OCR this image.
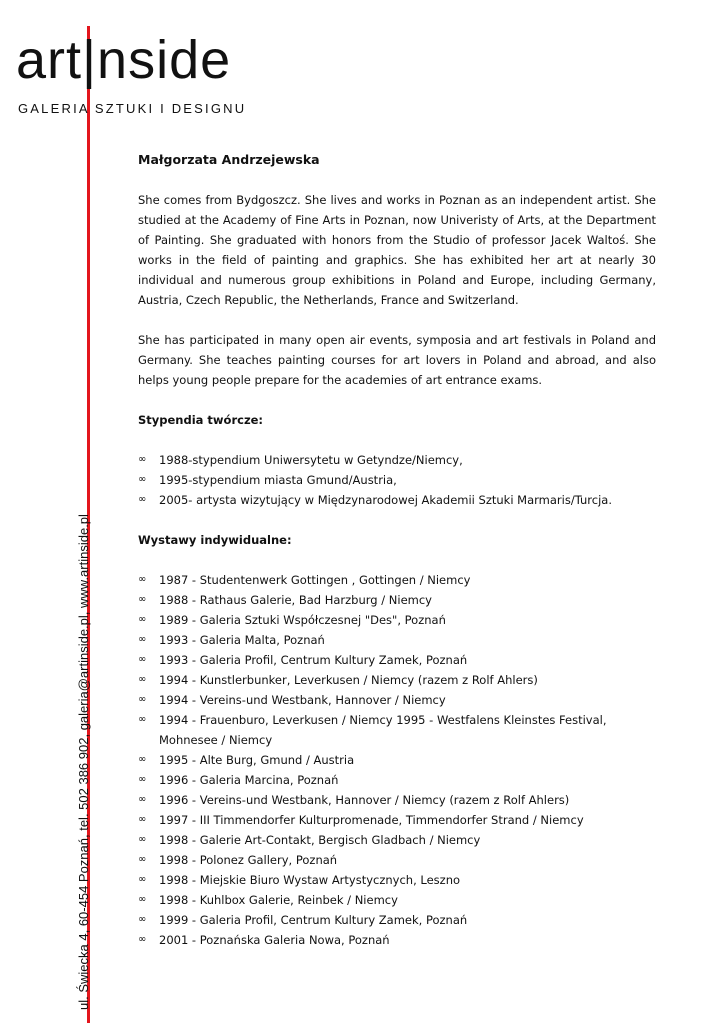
art|nside
GALERIA SZTUKI I DESIGNU
ul. Świecka 4, 60-454 Poznań, tel. 502 386 902, galeria@artinside.pl, www.artinside.pl
Małgorzata Andrzejewska

She comes from Bydgoszcz. She lives and works in Poznan as an independent artist. She studied at the Academy of Fine Arts in Poznan, now Univeristy of Arts, at the Department of Painting. She graduated with honors from the Studio of professor Jacek Waltoś. She works in the field of painting and graphics. She has exhibited her art at nearly 30 individual and numerous group exhibitions in Poland and Europe, including Germany, Austria, Czech Republic, the Netherlands, France and Switzerland.

She has participated in many open air events, symposia and art festivals in Poland and Germany. She teaches painting courses for art lovers in Poland and abroad, and also helps young people prepare for the academies of art entrance exams.

Stypendia twórcze:
∞ 1988-stypendium Uniwersytetu w Getyndze/Niemcy,
∞ 1995-stypendium miasta Gmund/Austria,
∞ 2005- artysta wizytujący w Międzynarodowej Akademii Sztuki Marmaris/Turcja.
Wystawy indywidualne:
∞ 1987 - Studentenwerk Gottingen , Gottingen / Niemcy
∞ 1988 - Rathaus Galerie, Bad Harzburg / Niemcy
∞ 1989 - Galeria Sztuki Współczesnej "Des", Poznań
∞ 1993 - Galeria Malta, Poznań
∞ 1993 - Galeria Profil, Centrum Kultury Zamek, Poznań
∞ 1994 - Kunstlerbunker, Leverkusen / Niemcy (razem z Rolf Ahlers)
∞ 1994 - Vereins-und Westbank, Hannover / Niemcy
∞ 1994 - Frauenburo, Leverkusen / Niemcy 1995 - Westfalens Kleinstes Festival, Mohnesee / Niemcy
∞ 1995 - Alte Burg, Gmund / Austria
∞ 1996 - Galeria Marcina, Poznań
∞ 1996 - Vereins-und Westbank, Hannover / Niemcy (razem z Rolf Ahlers)
∞ 1997 - III Timmendorfer Kulturpromenade, Timmendorfer Strand / Niemcy
∞ 1998 - Galerie Art-Contakt, Bergisch Gladbach / Niemcy
∞ 1998 - Polonez Gallery, Poznań
∞ 1998 - Miejskie Biuro Wystaw Artystycznych, Leszno
∞ 1998 - Kuhlbox Galerie, Reinbek / Niemcy
∞ 1999 - Galeria Profil, Centrum Kultury Zamek, Poznań
∞ 2001 - Poznańska Galeria Nowa, Poznań
